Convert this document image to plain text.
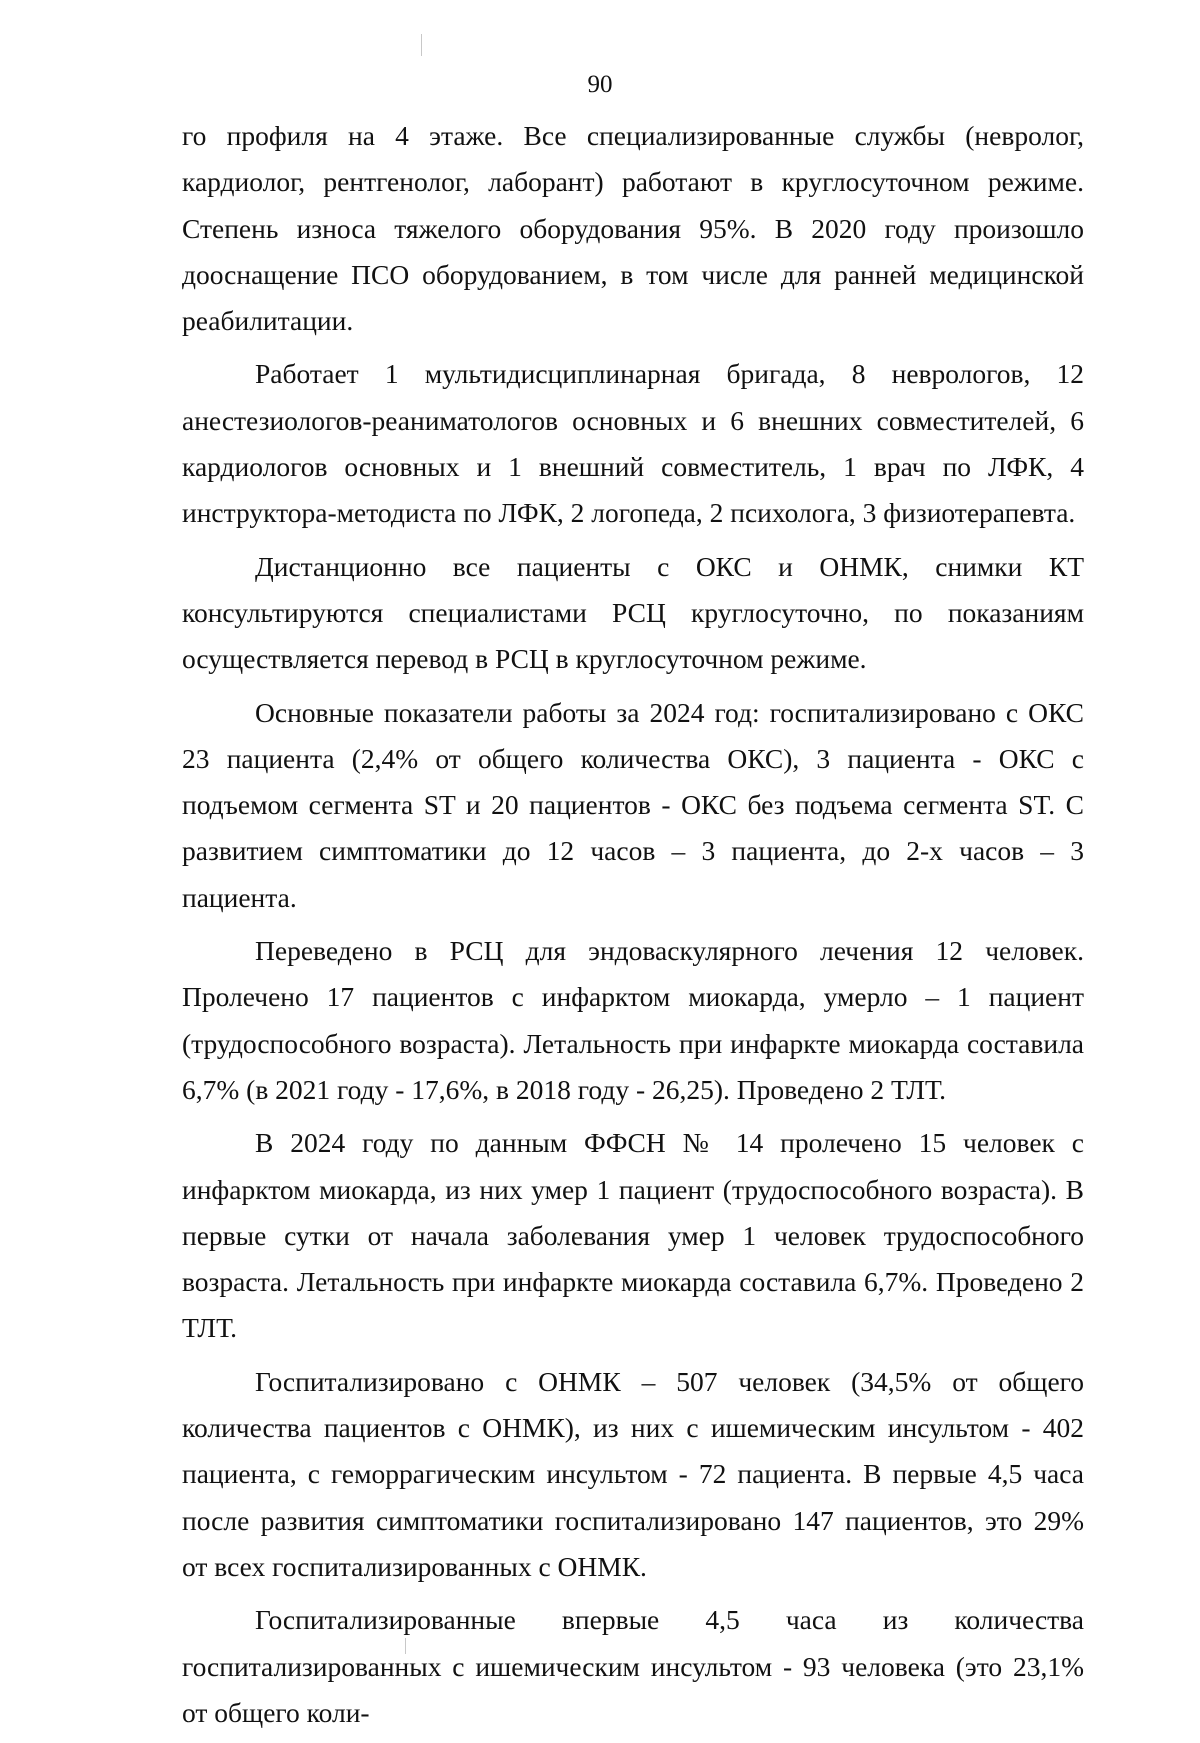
90

го профиля на 4 этаже. Все специализированные службы (невролог, кардиолог, рентгенолог, лаборант) работают в круглосуточном режиме. Степень износа тяжелого оборудования 95%. В 2020 году произошло дооснащение ПСО оборудованием, в том числе для ранней медицинской реабилитации.

Работает 1 мультидисциплинарная бригада, 8 неврологов, 12 анестезиологов-реаниматологов основных и 6 внешних совместителей, 6 кардиологов основных и 1 внешний совместитель, 1 врач по ЛФК, 4 инструктора-методиста по ЛФК, 2 логопеда, 2 психолога, 3 физиотерапевта.

Дистанционно все пациенты с ОКС и ОНМК, снимки КТ консультируются специалистами РСЦ круглосуточно, по показаниям осуществляется перевод в РСЦ в круглосуточном режиме.

Основные показатели работы за 2024 год: госпитализировано с ОКС 23 пациента (2,4% от общего количества ОКС), 3 пациента - ОКС с подъемом сегмента ST и 20 пациентов - ОКС без подъема сегмента ST. С развитием симптоматики до 12 часов – 3 пациента, до 2-х часов – 3 пациента.

Переведено в РСЦ для эндоваскулярного лечения 12 человек. Пролечено 17 пациентов с инфарктом миокарда, умерло – 1 пациент (трудоспособного возраста). Летальность при инфаркте миокарда составила 6,7% (в 2021 году - 17,6%, в 2018 году - 26,25). Проведено 2 ТЛТ.

В 2024 году по данным ФФСН № 14 пролечено 15 человек с инфарктом миокарда, из них умер 1 пациент (трудоспособного возраста). В первые сутки от начала заболевания умер 1 человек трудоспособного возраста. Летальность при инфаркте миокарда составила 6,7%. Проведено 2 ТЛТ.

Госпитализировано с ОНМК – 507 человек (34,5% от общего количества пациентов с ОНМК), из них с ишемическим инсультом - 402 пациента, с геморрагическим инсультом - 72 пациента. В первые 4,5 часа после развития симптоматики госпитализировано 147 пациентов, это 29% от всех госпитализированных с ОНМК.

Госпитализированные впервые 4,5 часа из количества госпитализированных с ишемическим инсультом - 93 человека (это 23,1% от общего коли-
